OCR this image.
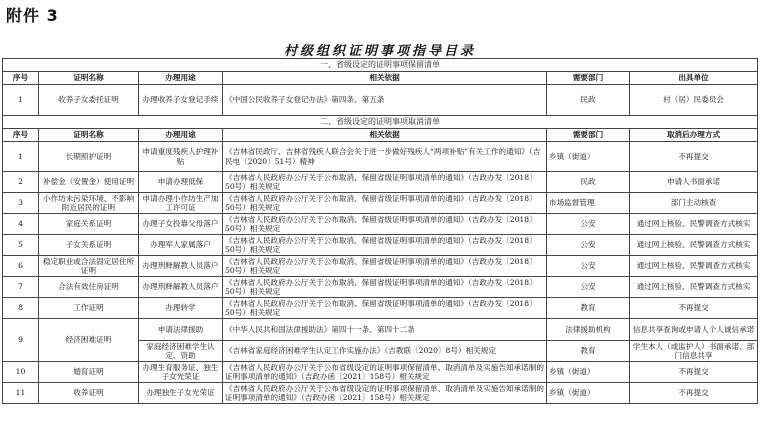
附件 3
村级组织证明事项指导目录
一、省级设定的证明事项保留清单					
序号	证明名称	办理用途	相关依据	需要部门	出具单位
1	收养子女委托证明	办理收养子女登记手续	《中国公民收养子女登记办法》第四条、第五条	民政	村（居）民委员会
二、省级设定的证明事项取消清单					
序号	证明名称	办理用途	相关依据	需要部门	取消后办理方式
1	长期照护证明	申请重度残疾人护理补贴	《吉林省民政厅、吉林省残疾人联合会关于进一步做好残疾人“两项补贴”有关工作的通知》（吉民电〔2020〕51号）精神	乡镇（街道）	不再提交
2	补偿金（安置金）使用证明	申请办理低保	《吉林省人民政府办公厅关于公布取消、保留省级证明事项清单的通知》（吉政办发〔2018〕50号）相关规定	民政	申请人书面承诺
3	小作坊未污染环境、不影响附近居民的证明	申请办理小作坊生产加工许可证	《吉林省人民政府办公厅关于公布取消、保留省级证明事项清单的通知》（吉政办发〔2018〕50号）相关规定	市场监督管理	部门主动核查
4	家庭关系证明	办理子女投靠父母落户	《吉林省人民政府办公厅关于公布取消、保留省级证明事项清单的通知》（吉政办发〔2018〕50号）相关规定	公安	通过网上核验、民警调查方式核实
5	子女关系证明	办理军人家属落户	《吉林省人民政府办公厅关于公布取消、保留省级证明事项清单的通知》（吉政办发〔2018〕50号）相关规定	公安	通过网上核验、民警调查方式核实
6	稳定职业或合法固定居住所证明	办理刑释解教人员落户	《吉林省人民政府办公厅关于公布取消、保留省级证明事项清单的通知》（吉政办发〔2018〕50号）相关规定	公安	通过网上核验、民警调查方式核实
7	合法有效住房证明	办理刑释解教人员落户	《吉林省人民政府办公厅关于公布取消、保留省级证明事项清单的通知》（吉政办发〔2018〕50号）相关规定	公安	通过网上核验、民警调查方式核实
8	工作证明	办理转学	《吉林省人民政府办公厅关于公布取消、保留省级证明事项清单的通知》（吉政办发〔2018〕50号）相关规定	教育	不再提交
9	经济困难证明	申请法律援助	《中华人民共和国法律援助法》第四十一条、第四十二条	法律援助机构	信息共享查询或申请人个人诚信承诺
		家庭经济困难学生认定、资助	《吉林省家庭经济困难学生认定工作实施办法》（吉教联〔2020〕8号）相关规定	教育	学生本人（或监护人）书面承诺、部门信息共享
10	婚育证明	办理生育服务证、独生子女光荣证	《吉林省人民政府办公厅关于公布省级设定的证明事项保留清单、取消清单及实施告知承诺制的证明事项清单的通知》（吉政办函〔2021〕158号）相关规定	乡镇（街道）	不再提交
11	收养证明	办理独生子女光荣证	《吉林省人民政府办公厅关于公布省级设定的证明事项保留清单、取消清单及实施告知承诺制的证明事项清单的通知》（吉政办函〔2021〕158号）相关规定	乡镇（街道）	不再提交
